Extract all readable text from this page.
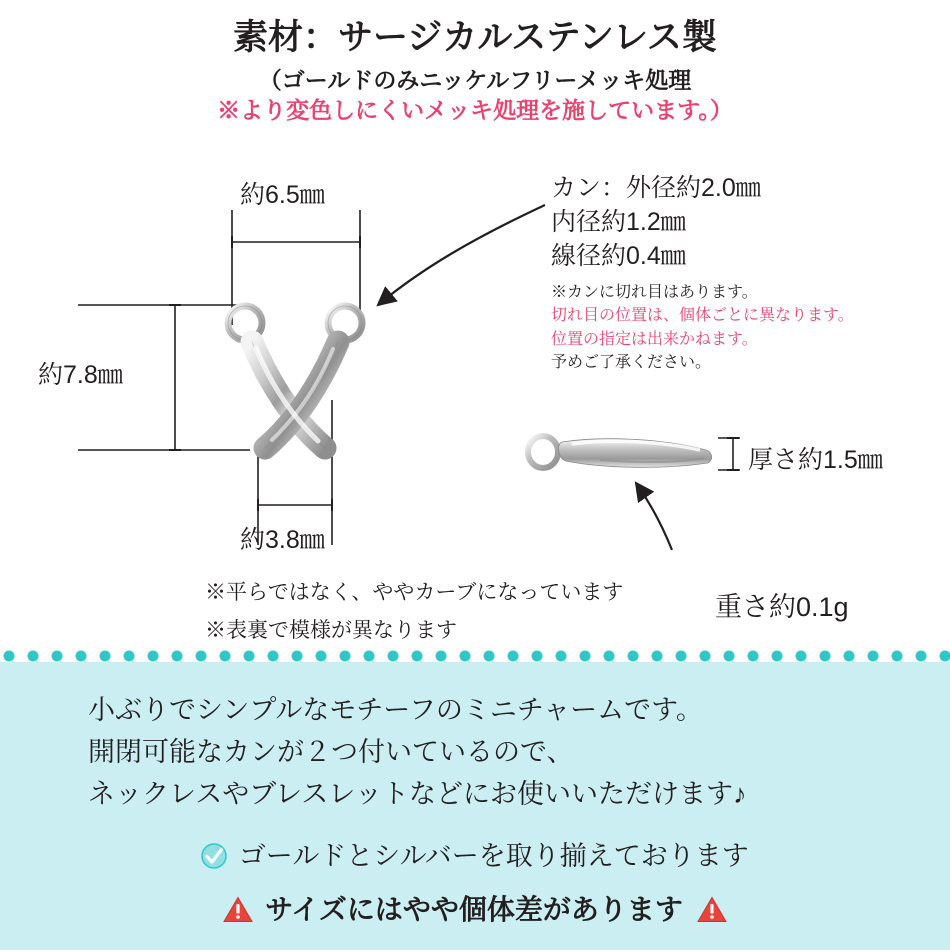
素材：サージカルステンレス製
（ゴールドのみニッケルフリーメッキ処理
※より変色しにくいメッキ処理を施しています。）
約6.5㎜
約7.8㎜
約3.8㎜
厚さ約1.5㎜
重さ約0.1g
カン：外径約2.0㎜
内径約1.2㎜
線径約0.4㎜
※カンに切れ目はあります。
切れ目の位置は、個体ごとに異なります。
位置の指定は出来かねます。
予めご了承ください。
※平らではなく、ややカーブになっています
※表裏で模様が異なります
小ぶりでシンプルなモチーフのミニチャームです。
開閉可能なカンが２つ付いているので、
ネックレスやブレスレットなどにお使いいただけます♪
ゴールドとシルバーを取り揃えております
サイズにはやや個体差があります
